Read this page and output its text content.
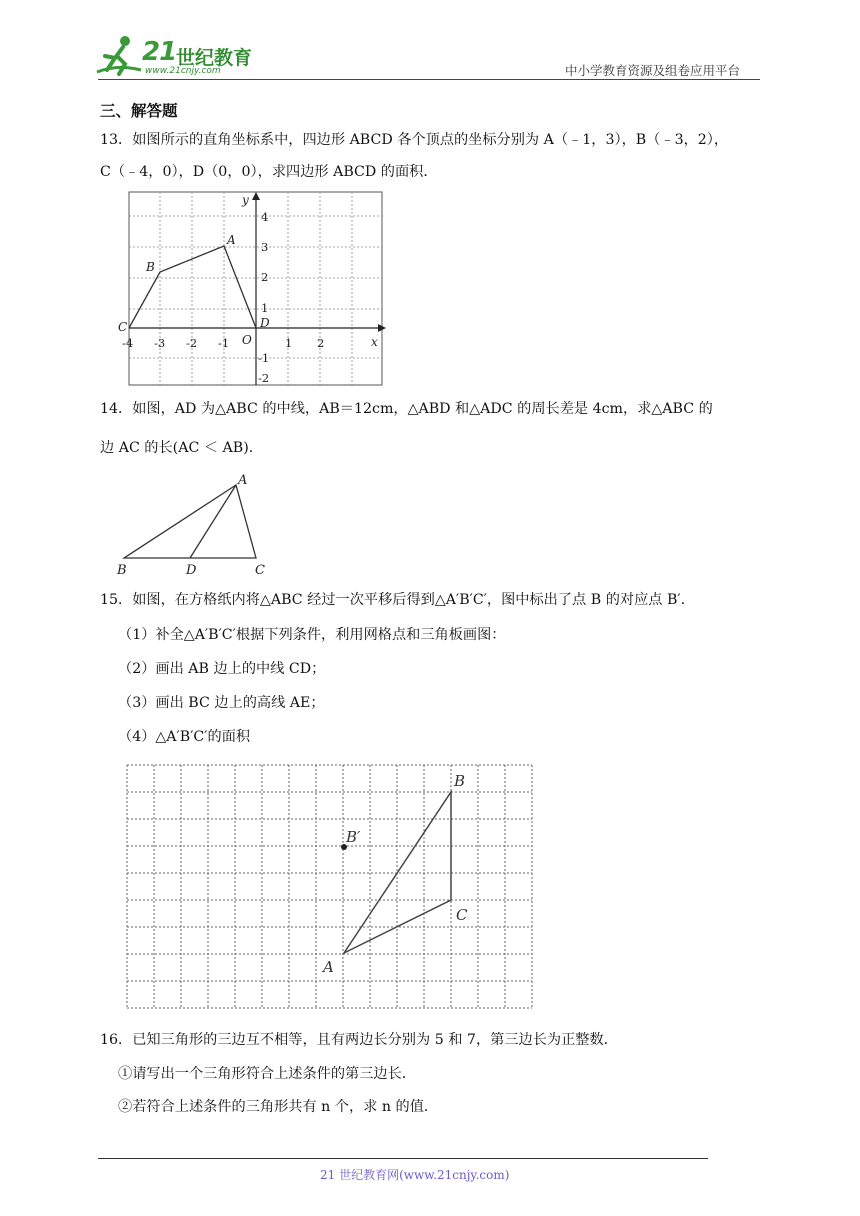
21 世纪教育
www.21cnjy.com	中小学教育资源及组卷应用平台
三、解答题
13．如图所示的直角坐标系中，四边形 ABCD 各个顶点的坐标分别为 A（﹣1，3），B（﹣3，2），
C（﹣4，0），D（0，0），求四边形 ABCD 的面积．
x
y
O
A
B
C	D
-4 -3 -2 -1	1 2
4
3
2
1
-1
-2
14．如图，AD 为△ABC 的中线，AB＝12cm，△ABD 和△ADC 的周长差是 4cm，求△ABC 的
边 AC 的长(AC ＜ AB).
A
B	D	C
15．如图，在方格纸内将△ABC 经过一次平移后得到△A′B′C′，图中标出了点 B 的对应点 B′.
（1）补全△A′B′C′根据下列条件，利用网格点和三角板画图：
（2）画出 AB 边上的中线 CD；
（3）画出 BC 边上的高线 AE；
（4）△A′B′C′的面积
A
B
C
B′
16．已知三角形的三边互不相等，且有两边长分别为 5 和 7，第三边长为正整数．
①请写出一个三角形符合上述条件的第三边长．
②若符合上述条件的三角形共有 n 个，求 n 的值．
21 世纪教育网(www.21cnjy.com)
